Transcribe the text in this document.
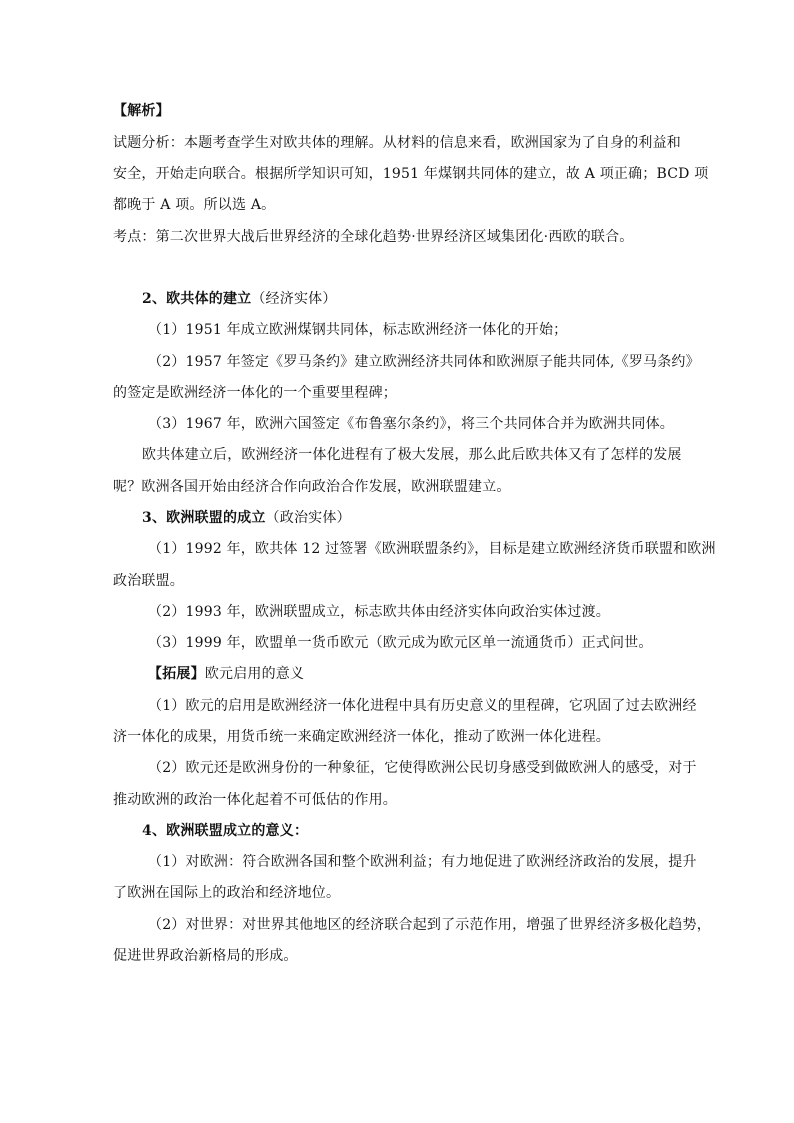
【解析】
试题分析：本题考查学生对欧共体的理解。从材料的信息来看，欧洲国家为了自身的利益和
安全，开始走向联合。根据所学知识可知，1951 年煤钢共同体的建立，故 A 项正确；BCD 项
都晚于 A 项。所以选 A。
考点：第二次世界大战后世界经济的全球化趋势·世界经济区域集团化·西欧的联合。
2、欧共体的建立（经济实体）
（1）1951 年成立欧洲煤钢共同体，标志欧洲经济一体化的开始；
（2）1957 年签定《罗马条约》建立欧洲经济共同体和欧洲原子能共同体,《罗马条约》
的签定是欧洲经济一体化的一个重要里程碑；
（3）1967 年，欧洲六国签定《布鲁塞尔条约》，将三个共同体合并为欧洲共同体。
欧共体建立后，欧洲经济一体化进程有了极大发展，那么此后欧共体又有了怎样的发展
呢？欧洲各国开始由经济合作向政治合作发展，欧洲联盟建立。
3、欧洲联盟的成立（政治实体）
（1）1992 年，欧共体 12 过签署《欧洲联盟条约》，目标是建立欧洲经济货币联盟和欧洲
政治联盟。
（2）1993 年，欧洲联盟成立，标志欧共体由经济实体向政治实体过渡。
（3）1999 年，欧盟单一货币欧元（欧元成为欧元区单一流通货币）正式问世。
【拓展】欧元启用的意义
（1）欧元的启用是欧洲经济一体化进程中具有历史意义的里程碑，它巩固了过去欧洲经
济一体化的成果，用货币统一来确定欧洲经济一体化，推动了欧洲一体化进程。
（2）欧元还是欧洲身份的一种象征，它使得欧洲公民切身感受到做欧洲人的感受，对于
推动欧洲的政治一体化起着不可低估的作用。
4、欧洲联盟成立的意义：
（1）对欧洲：符合欧洲各国和整个欧洲利益；有力地促进了欧洲经济政治的发展，提升
了欧洲在国际上的政治和经济地位。
（2）对世界：对世界其他地区的经济联合起到了示范作用，增强了世界经济多极化趋势，
促进世界政治新格局的形成。
